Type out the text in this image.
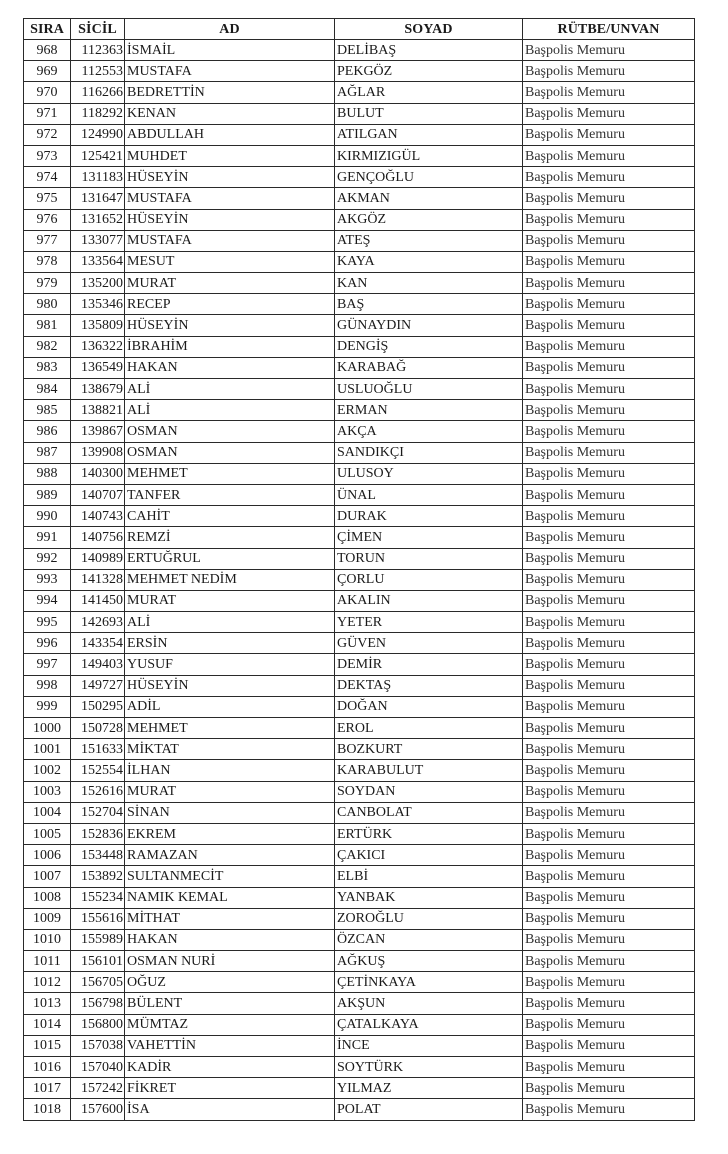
SIRA	SİCİL	AD	SOYAD	RÜTBE/UNVAN
968	112363	İSMAİL	DELİBAŞ	Başpolis Memuru
969	112553	MUSTAFA	PEKGÖZ	Başpolis Memuru
970	116266	BEDRETTİN	AĞLAR	Başpolis Memuru
971	118292	KENAN	BULUT	Başpolis Memuru
972	124990	ABDULLAH	ATILGAN	Başpolis Memuru
973	125421	MUHDET	KIRMIZIGÜL	Başpolis Memuru
974	131183	HÜSEYİN	GENÇOĞLU	Başpolis Memuru
975	131647	MUSTAFA	AKMAN	Başpolis Memuru
976	131652	HÜSEYİN	AKGÖZ	Başpolis Memuru
977	133077	MUSTAFA	ATEŞ	Başpolis Memuru
978	133564	MESUT	KAYA	Başpolis Memuru
979	135200	MURAT	KAN	Başpolis Memuru
980	135346	RECEP	BAŞ	Başpolis Memuru
981	135809	HÜSEYİN	GÜNAYDIN	Başpolis Memuru
982	136322	İBRAHİM	DENGİŞ	Başpolis Memuru
983	136549	HAKAN	KARABAĞ	Başpolis Memuru
984	138679	ALİ	USLUOĞLU	Başpolis Memuru
985	138821	ALİ	ERMAN	Başpolis Memuru
986	139867	OSMAN	AKÇA	Başpolis Memuru
987	139908	OSMAN	SANDIKÇI	Başpolis Memuru
988	140300	MEHMET	ULUSOY	Başpolis Memuru
989	140707	TANFER	ÜNAL	Başpolis Memuru
990	140743	CAHİT	DURAK	Başpolis Memuru
991	140756	REMZİ	ÇİMEN	Başpolis Memuru
992	140989	ERTUĞRUL	TORUN	Başpolis Memuru
993	141328	MEHMET NEDİM	ÇORLU	Başpolis Memuru
994	141450	MURAT	AKALIN	Başpolis Memuru
995	142693	ALİ	YETER	Başpolis Memuru
996	143354	ERSİN	GÜVEN	Başpolis Memuru
997	149403	YUSUF	DEMİR	Başpolis Memuru
998	149727	HÜSEYİN	DEKTAŞ	Başpolis Memuru
999	150295	ADİL	DOĞAN	Başpolis Memuru
1000	150728	MEHMET	EROL	Başpolis Memuru
1001	151633	MİKTAT	BOZKURT	Başpolis Memuru
1002	152554	İLHAN	KARABULUT	Başpolis Memuru
1003	152616	MURAT	SOYDAN	Başpolis Memuru
1004	152704	SİNAN	CANBOLAT	Başpolis Memuru
1005	152836	EKREM	ERTÜRK	Başpolis Memuru
1006	153448	RAMAZAN	ÇAKICI	Başpolis Memuru
1007	153892	SULTANMECİT	ELBİ	Başpolis Memuru
1008	155234	NAMIK KEMAL	YANBAK	Başpolis Memuru
1009	155616	MİTHAT	ZOROĞLU	Başpolis Memuru
1010	155989	HAKAN	ÖZCAN	Başpolis Memuru
1011	156101	OSMAN NURİ	AĞKUŞ	Başpolis Memuru
1012	156705	OĞUZ	ÇETİNKAYA	Başpolis Memuru
1013	156798	BÜLENT	AKŞUN	Başpolis Memuru
1014	156800	MÜMTAZ	ÇATALKAYA	Başpolis Memuru
1015	157038	VAHETTİN	İNCE	Başpolis Memuru
1016	157040	KADİR	SOYTÜRK	Başpolis Memuru
1017	157242	FİKRET	YILMAZ	Başpolis Memuru
1018	157600	İSA	POLAT	Başpolis Memuru
